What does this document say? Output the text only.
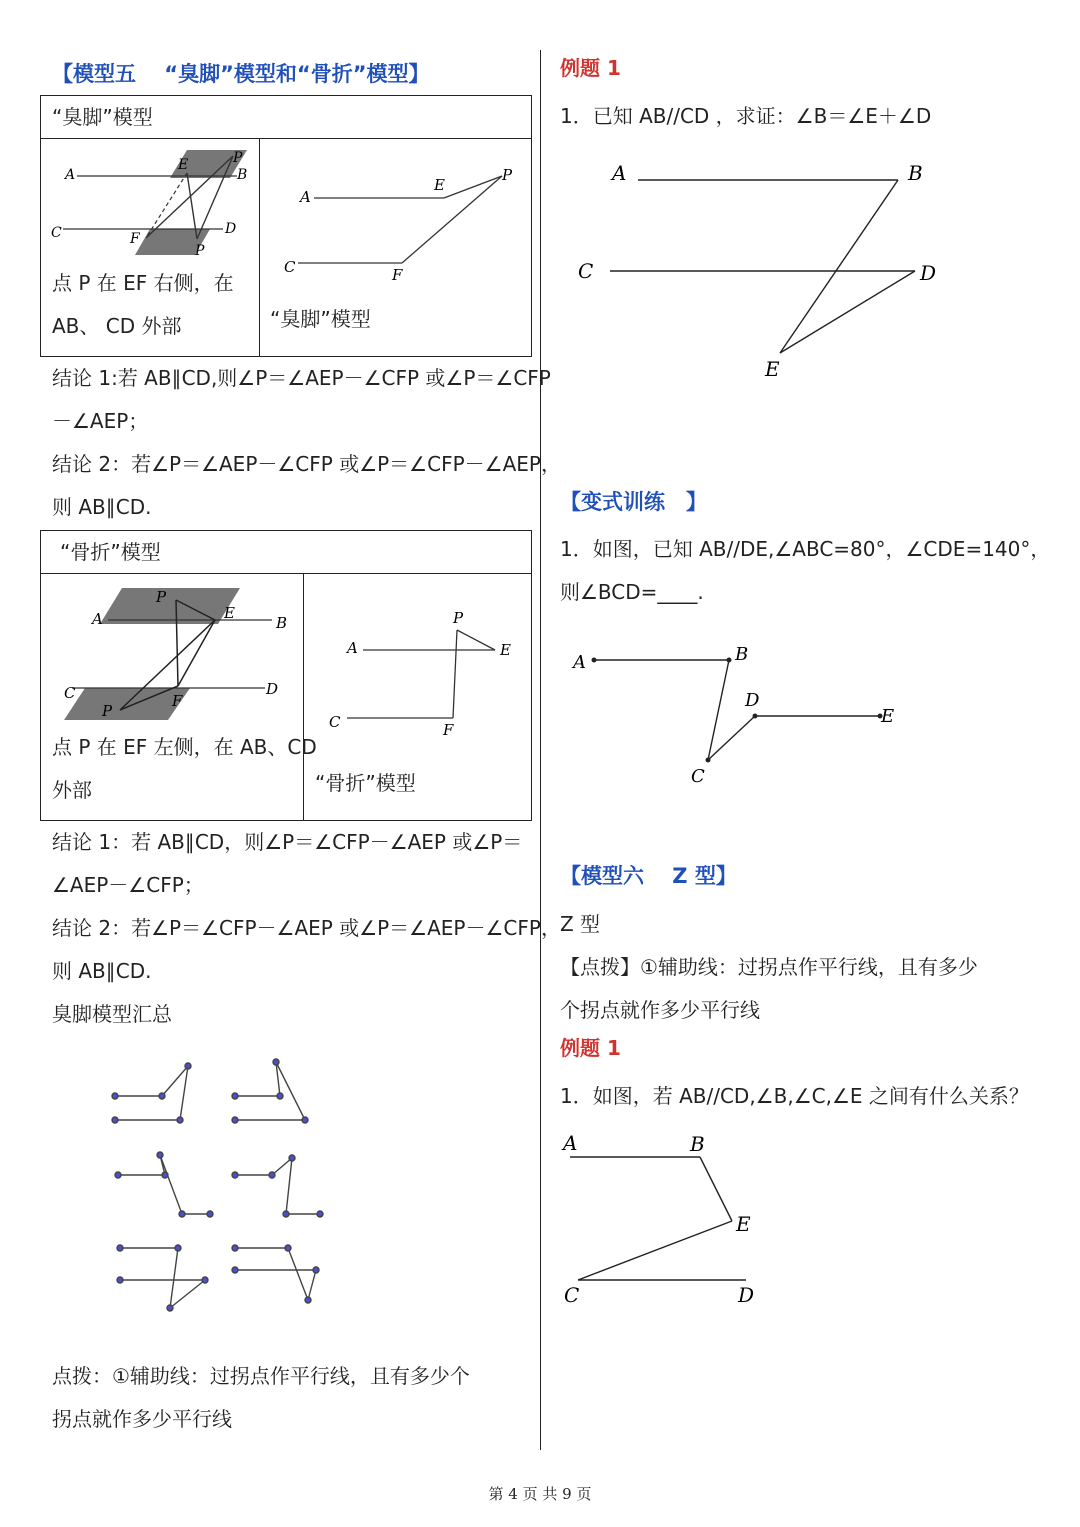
【模型五　 “臭脚”模型和“骨折”模型】
“臭脚”模型
A
E	P
B
C	F
P
D
点 P 在 EF 右侧，在
AB、 CD 外部
A
E
P
C	F
“臭脚”模型
结论 1:若 AB∥CD,则∠P＝∠AEP－∠CFP 或∠P＝∠CFP
－∠AEP；
结论 2：若∠P＝∠AEP－∠CFP 或∠P＝∠CFP－∠AEP，
则 AB∥CD.
“骨折”模型
A
P
E
B
C	F
D
P
A
P
E
C	F
点 P 在 EF 左侧，在 AB、CD
外部	“骨折”模型
结论 1：若 AB∥CD，则∠P＝∠CFP－∠AEP 或∠P＝
∠AEP－∠CFP；
结论 2：若∠P＝∠CFP－∠AEP 或∠P＝∠AEP－∠CFP，
则 AB∥CD.
臭脚模型汇总
点拨：①辅助线：过拐点作平行线，且有多少个
拐点就作多少平行线
例题 1
1．已知 AB//CD ，求证：∠B＝∠E＋∠D
A	B
C	D
E
【变式训练　】
1．如图，已知 AB//DE,∠ABC=80°，∠CDE=140°，
则∠BCD=____.
A	B
D
E
C
【模型六　 Z 型】
Z 型
【点拨】①辅助线：过拐点作平行线，且有多少
个拐点就作多少平行线
例题 1
1．如图，若 AB//CD,∠B,∠C,∠E 之间有什么关系？
A	B
E
C	D
第 4 页 共 9 页
